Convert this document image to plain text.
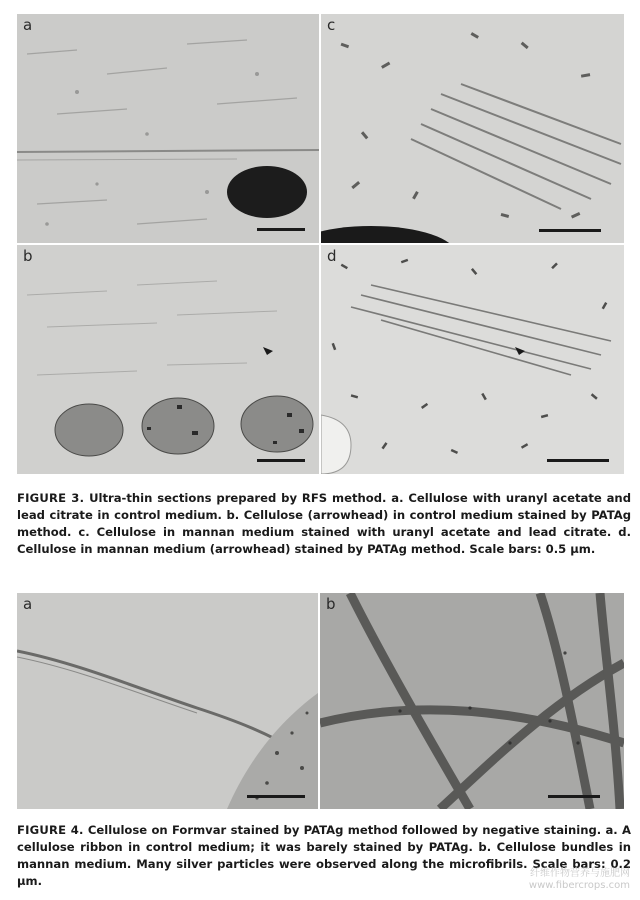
a	c
b	d

FIGURE 3. Ultra-thin sections prepared by RFS method. a. Cellulose with uranyl acetate and lead citrate in control medium. b. Cellulose (arrowhead) in control medium stained by PATAg method. c. Cellulose in mannan medium stained with uranyl acetate and lead citrate. d. Cellulose in mannan medium (arrowhead) stained by PATAg method. Scale bars: 0.5 μm.

a	b

FIGURE 4. Cellulose on Formvar stained by PATAg method followed by negative staining. a. A cellulose ribbon in control medium; it was barely stained by PATAg. b. Cellulose bundles in mannan medium. Many silver particles were observed along the microfibrils. Scale bars: 0.2 μm.

纤维作物营养与施肥网
www.fibercrops.com
